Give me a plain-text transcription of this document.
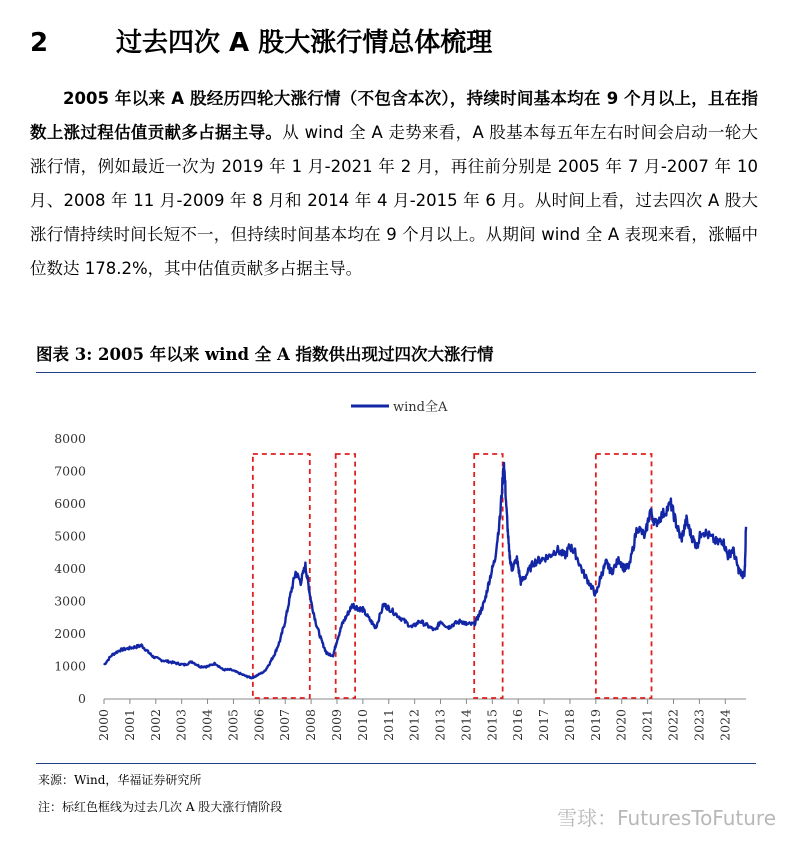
2	过去四次 A 股大涨行情总体梳理
2005 年以来 A 股经历四轮大涨行情（不包含本次），持续时间基本均在 9 个月以上，且在指数上涨过程估值贡献多占据主导。从 wind 全 A 走势来看，A 股基本每五年左右时间会启动一轮大涨行情，例如最近一次为 2019 年 1 月-2021 年 2 月，再往前分别是 2005 年 7 月-2007 年 10 月、2008 年 11 月-2009 年 8 月和 2014 年 4 月-2015 年 6 月。从时间上看，过去四次 A 股大涨行情持续时间长短不一，但持续时间基本均在 9 个月以上。从期间 wind 全 A 表现来看，涨幅中位数达 178.2%，其中估值贡献多占据主导。
图表 3: 2005 年以来 wind 全 A 指数供出现过四次大涨行情
0
1000
2000
3000
4000
5000
6000
7000
8000
2000 2001 2002 2003 2004 2005 2006 2007 2008 2009 2010 2011 2012 2013 2014 2015 2016 2017 2018 2019 2020 2021 2022 2023 2024
wind全A
来源：Wind，华福证券研究所
注：标红色框线为过去几次 A 股大涨行情阶段	雪球：FuturesToFuture
